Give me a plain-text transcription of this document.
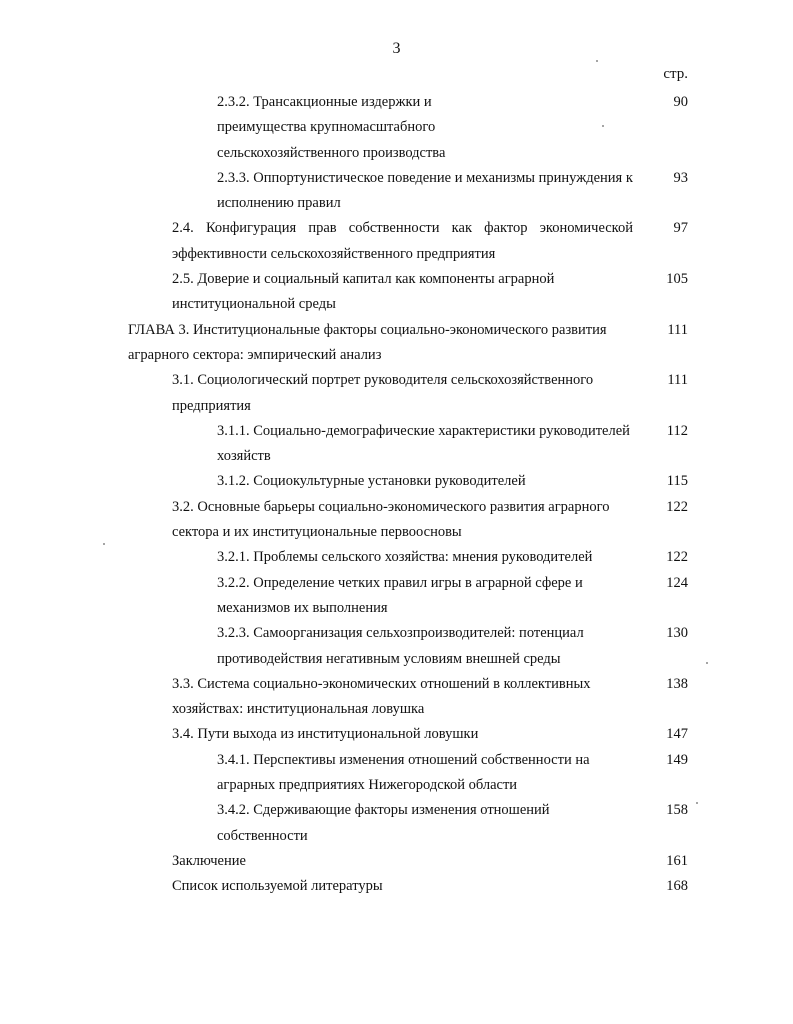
3
стр.
2.3.2. Трансакционные издержки и преимущества крупномасштабного сельскохозяйственного производства
90
2.3.3. Оппортунистическое поведение и механизмы принуждения к исполнению правил
93
2.4. Конфигурация прав собственности как фактор экономической эффективности сельскохозяйственного предприятия
97
2.5. Доверие и социальный капитал как компоненты аграрной институциональной среды
105
ГЛАВА 3. Институциональные факторы социально-экономического развития аграрного сектора: эмпирический анализ
111
3.1. Социологический портрет руководителя сельскохозяйственного предприятия
111
3.1.1. Социально-демографические характеристики руководителей хозяйств
112
3.1.2. Социокультурные установки руководителей	115
3.2. Основные барьеры социально-экономического развития аграрного сектора и их институциональные первоосновы
122
3.2.1. Проблемы сельского хозяйства: мнения руководителей	122
3.2.2. Определение четких правил игры в аграрной сфере и механизмов их выполнения
124
3.2.3. Самоорганизация сельхозпроизводителей: потенциал противодействия негативным условиям внешней среды
130
3.3. Система социально-экономических отношений в коллективных хозяйствах: институциональная ловушка
138
3.4. Пути выхода из институциональной ловушки	147
3.4.1. Перспективы изменения отношений собственности на аграрных предприятиях Нижегородской области
149
3.4.2. Сдерживающие факторы изменения отношений собственности
158
Заключение	161
Список используемой литературы	168
